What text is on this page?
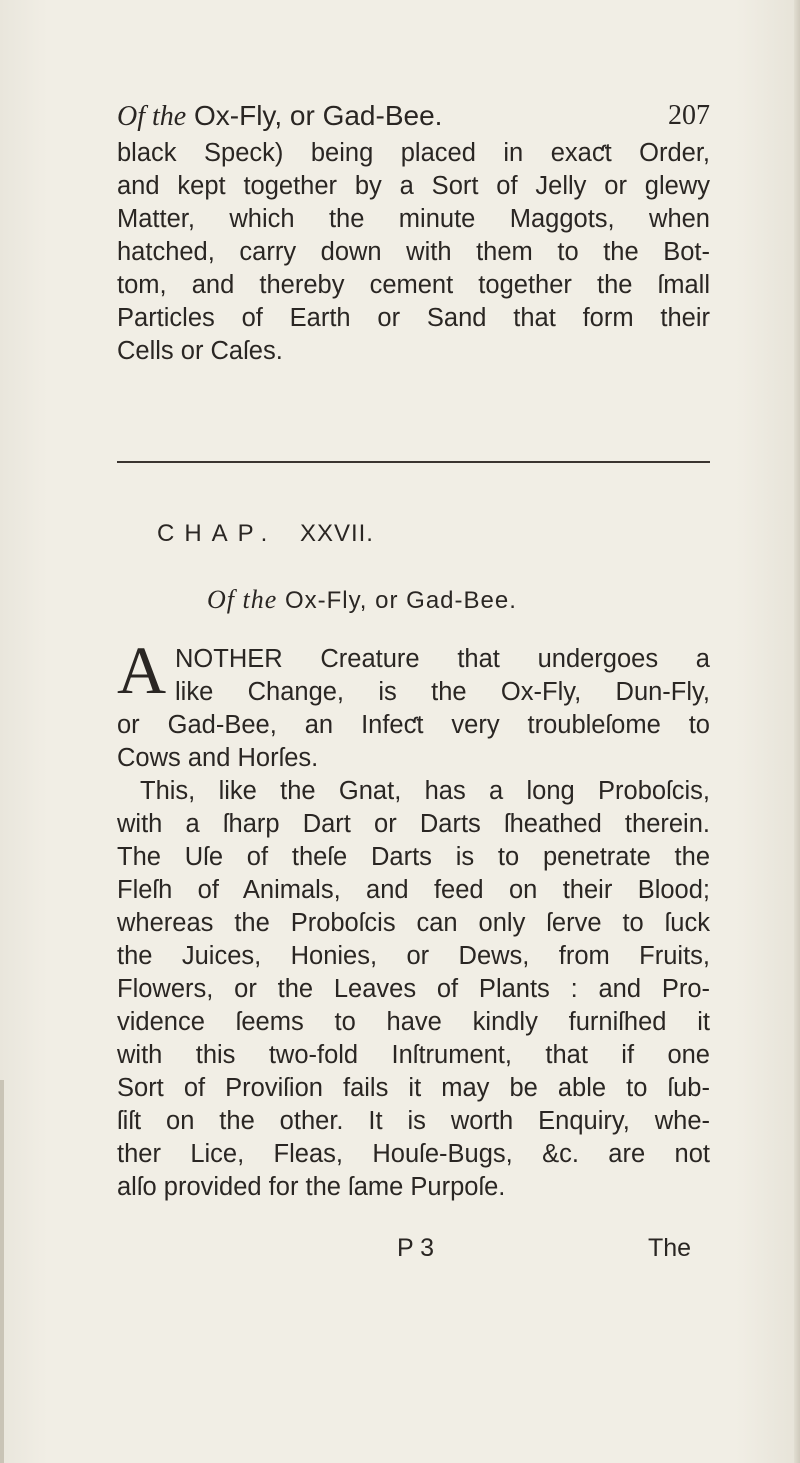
Of the Ox-Fly, or Gad-Bee.	207
black Speck) being placed in exaƈt Order,
and kept together by a Sort of Jelly or glewy
Matter, which the minute Maggots, when
hatched, carry down with them to the Bot-
tom, and thereby cement together the ſmall
Particles of Earth or Sand that form their
Cells or Caſes.
CHAP. XXVII.
Of the Ox-Fly, or Gad-Bee.
A NOTHER Creature that undergoes a
like Change, is the Ox-Fly, Dun-Fly,
or Gad-Bee, an Infeƈt very troubleſome to
Cows and Horſes.
This, like the Gnat, has a long Proboſcis,
with a ſharp Dart or Darts ſheathed therein.
The Uſe of theſe Darts is to penetrate the
Fleſh of Animals, and feed on their Blood;
whereas the Proboſcis can only ſerve to ſuck
the Juices, Honies, or Dews, from Fruits,
Flowers, or the Leaves of Plants : and Pro-
vidence ſeems to have kindly furniſhed it
with this two-fold Inſtrument, that if one
Sort of Proviſion fails it may be able to ſub-
ſiſt on the other. It is worth Enquiry, whe-
ther Lice, Fleas, Houſe-Bugs, &c. are not
alſo provided for the ſame Purpoſe.
P 3	The
